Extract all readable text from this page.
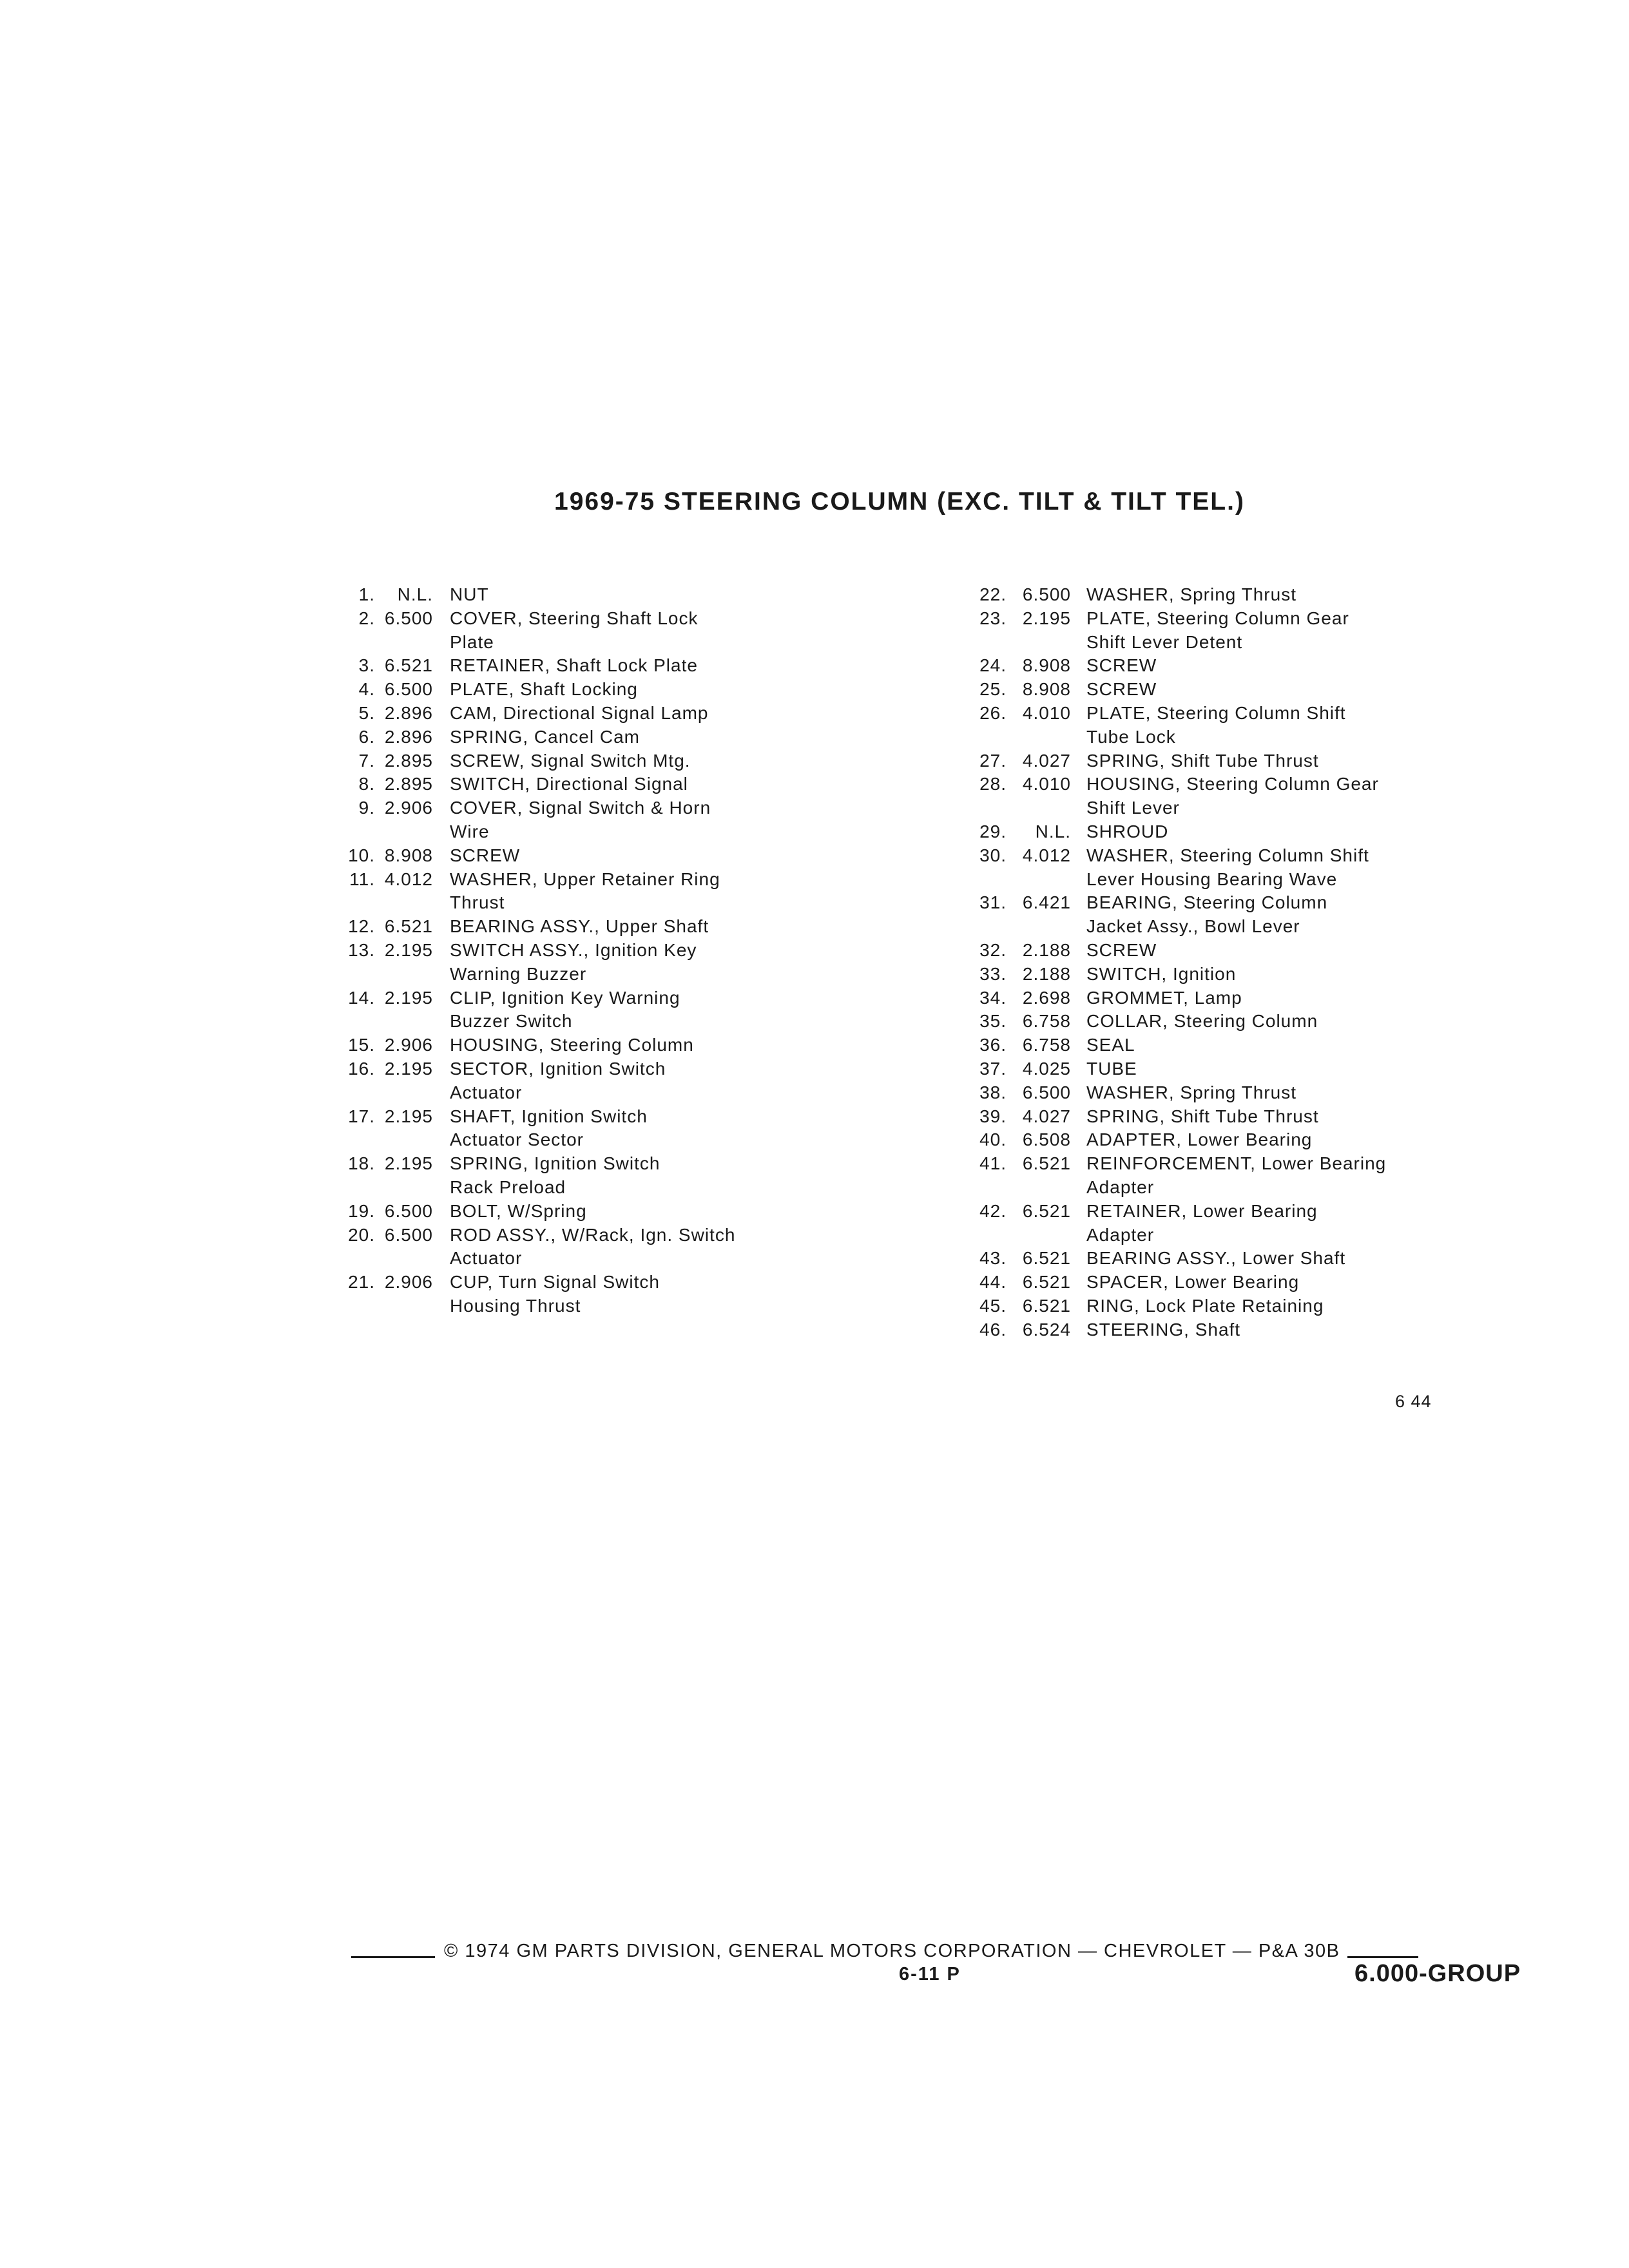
1969-75 STEERING COLUMN (EXC. TILT & TILT TEL.)
1.	N.L. NUT
2. 6.500 COVER, Steering Shaft Lock
Plate
3. 6.521 RETAINER, Shaft Lock Plate
4. 6.500 PLATE, Shaft Locking
5. 2.896 CAM, Directional Signal Lamp
6. 2.896 SPRING, Cancel Cam
7. 2.895 SCREW, Signal Switch Mtg.
8. 2.895 SWITCH, Directional Signal
9. 2.906 COVER, Signal Switch & Horn
Wire
10. 8.908 SCREW
11. 4.012 WASHER, Upper Retainer Ring
Thrust
12. 6.521 BEARING ASSY., Upper Shaft
13. 2.195 SWITCH ASSY., Ignition Key
Warning Buzzer
14. 2.195 CLIP, Ignition Key Warning
Buzzer Switch
15. 2.906 HOUSING, Steering Column
16. 2.195 SECTOR, Ignition Switch
Actuator
17. 2.195 SHAFT, Ignition Switch
Actuator Sector
18. 2.195 SPRING, Ignition Switch
Rack Preload
19. 6.500 BOLT, W/Spring
20. 6.500 ROD ASSY., W/Rack, Ign. Switch
Actuator
21. 2.906 CUP, Turn Signal Switch
Housing Thrust
22. 6.500 WASHER, Spring Thrust
23. 2.195 PLATE, Steering Column Gear
Shift Lever Detent
24. 8.908 SCREW
25. 8.908 SCREW
26. 4.010 PLATE, Steering Column Shift
Tube Lock
27. 4.027 SPRING, Shift Tube Thrust
28. 4.010 HOUSING, Steering Column Gear
Shift Lever
29.	N.L. SHROUD
30. 4.012 WASHER, Steering Column Shift
Lever Housing Bearing Wave
31. 6.421 BEARING, Steering Column
Jacket Assy., Bowl Lever
32. 2.188 SCREW
33. 2.188 SWITCH, Ignition
34. 2.698 GROMMET, Lamp
35. 6.758 COLLAR, Steering Column
36. 6.758 SEAL
37. 4.025 TUBE
38. 6.500 WASHER, Spring Thrust
39. 4.027 SPRING, Shift Tube Thrust
40. 6.508 ADAPTER, Lower Bearing
41. 6.521 REINFORCEMENT, Lower Bearing
Adapter
42. 6.521 RETAINER, Lower Bearing
Adapter
43. 6.521 BEARING ASSY., Lower Shaft
44. 6.521 SPACER, Lower Bearing
45. 6.521 RING, Lock Plate Retaining
46. 6.524 STEERING, Shaft
6 44
© 1974 GM PARTS DIVISION, GENERAL MOTORS CORPORATION — CHEVROLET — P&A 30B
6-11 P	6.000-GROUP
